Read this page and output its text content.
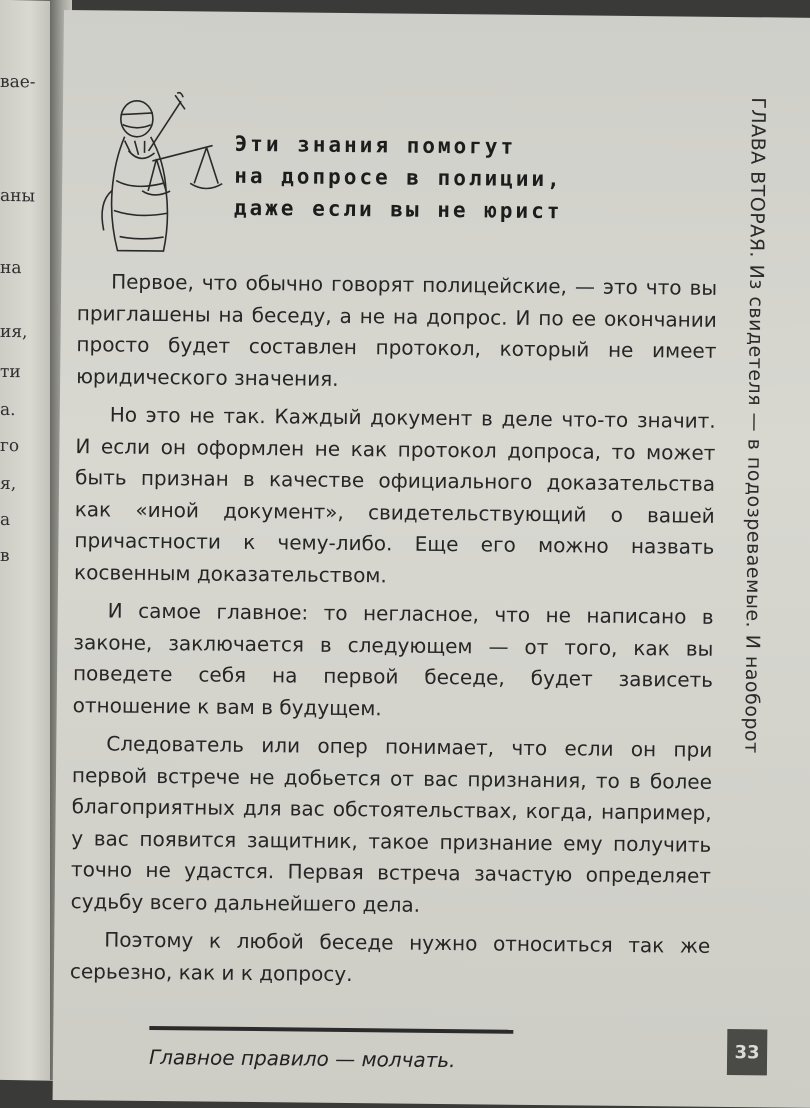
вае-
аны
на
ия,
ти
а.
го
я,
а
в
Эти знания помогут
на допросе в полиции,
даже если вы не юрист

Первое, что обычно говорят полицейские, — это что вы приглашены на беседу, а не на допрос. И по ее окончании просто будет составлен протокол, который не имеет юридического значения.

Но это не так. Каждый документ в деле что-то значит. И если он оформлен не как протокол допроса, то может быть признан в качестве официального доказательства как «иной документ», свидетельствующий о вашей причастности к чему-либо. Еще его можно назвать косвенным доказательством.

И самое главное: то негласное, что не написано в законе, заключается в следующем — от того, как вы поведете себя на первой беседе, будет зависеть отношение к вам в будущем.

Следователь или опер понимает, что если он при первой встрече не добьется от вас признания, то в более благоприятных для вас обстоятельствах, когда, например, у вас появится защитник, такое признание ему получить точно не удастся. Первая встреча зачастую определяет судьбу всего дальнейшего дела.

Поэтому к любой беседе нужно относиться так же серьезно, как и к допросу.

ГЛАВА ВТОРАЯ. Из свидетеля — в подозреваемые. И наоборот
Главное правило — молчать.	33
